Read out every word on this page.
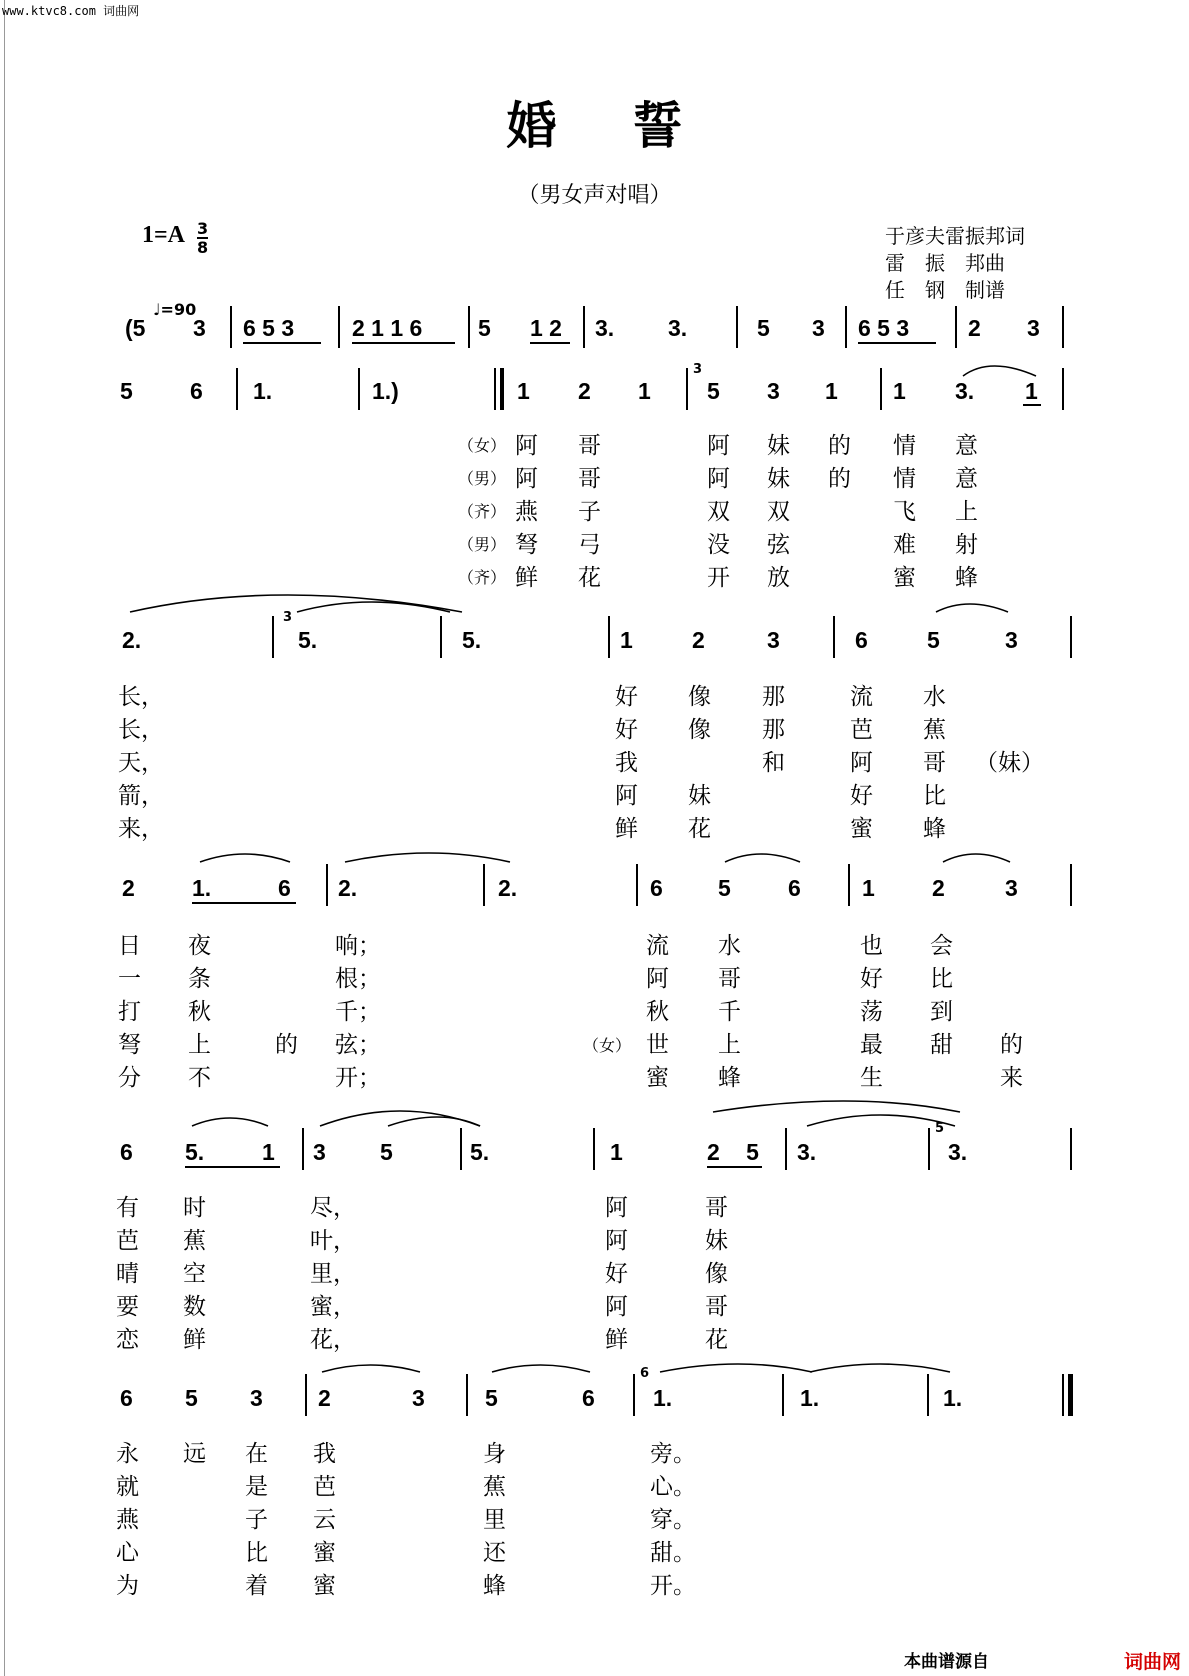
www.ktvc8.com 词曲网
婚 誓
（男女声对唱）
$1=A \frac{3}{8}$	于彦夫雷振邦词
雷　振　邦曲
任　钢　制谱
♩=90
(5 3 6 5 3	2 1 1 6 5 1 2 3. 3.	5 3 6 5 3	2 3
5 6 1.	1.)	1 2 1
3
5 3 1 1 3. 1
（女）
（男）
（齐）
（男）
（齐）
阿 哥	阿 妹 的 情 意
阿 哥	阿 妹 的 情 意
燕 子	双 双	飞 上
弩 弓	没 弦	难 射
鲜 花	开 放	蜜 蜂
2.
3
5.	5.	1	2	3	6	5	3
长，	好 像 那	流 水
长，	好 像 那	芭 蕉
天，	我	和	阿 哥 （妹）
箭，	阿 妹	好 比
来，	鲜 花	蜜 蜂
2 1.	6 2.	2.	6 5 6	1 2	3
（女）
日 夜	响；	流 水	也 会
一 条	根；	阿 哥	好 比
打 秋	千；	秋 千	荡 到
弩 上	的 弦；	世 上	最 甜 的
分 不	开；	蜜 蜂	生	来
6 5.	1 3 5	5.	1	2 5 3.
5
3.
有 时	尽，	阿	哥
芭 蕉	叶，	阿	妹
晴 空	里，	好	像
要 数	蜜，	阿	哥
恋 鲜	花，	鲜	花
6 5 3 2	3	5	6
6
1.	1.	1.
永 远 在 我	身	旁。
就	是 芭	蕉	心。
燕	子 云	里	穿。
心	比 蜜	还	甜。
为	着 蜜	蜂	开。
本曲谱源自	词曲网
